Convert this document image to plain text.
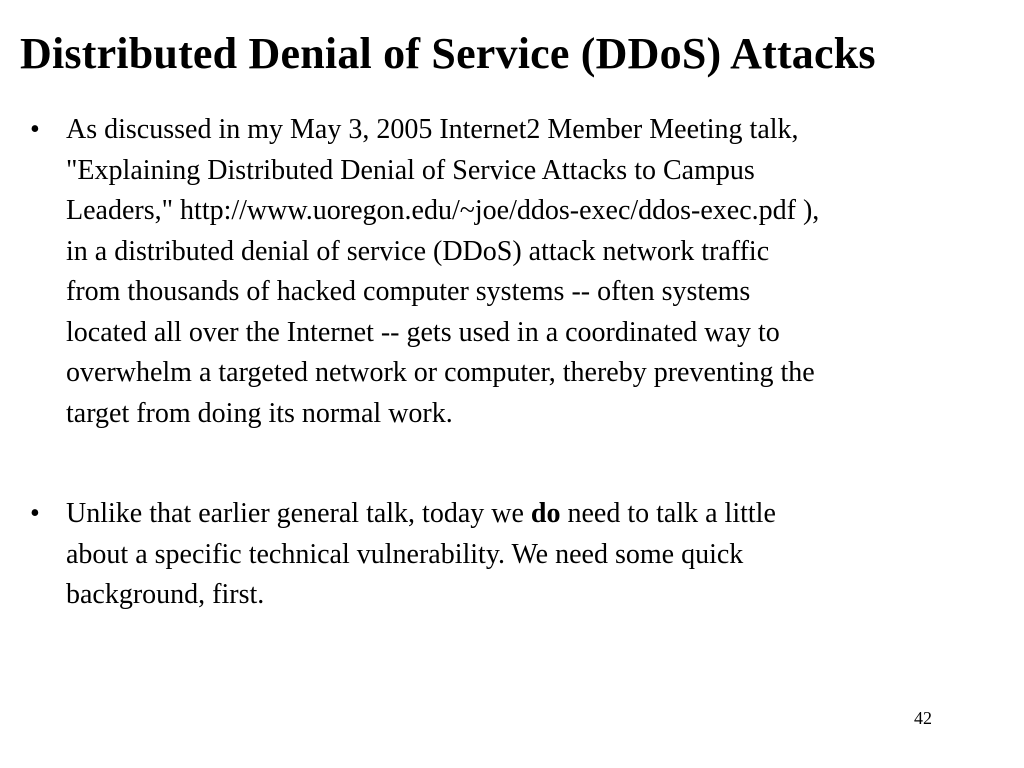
Distributed Denial of Service (DDoS) Attacks
• As discussed in my May 3, 2005 Internet2 Member Meeting talk,
"Explaining Distributed Denial of Service Attacks to Campus
Leaders," http://www.uoregon.edu/~joe/ddos-exec/ddos-exec.pdf ),
in a distributed denial of service (DDoS) attack network traffic
from thousands of hacked computer systems -- often systems
located all over the Internet -- gets used in a coordinated way to
overwhelm a targeted network or computer, thereby preventing the
target from doing its normal work.
• Unlike that earlier general talk, today we do need to talk a little
about a specific technical vulnerability. We need some quick
background, first.
42
